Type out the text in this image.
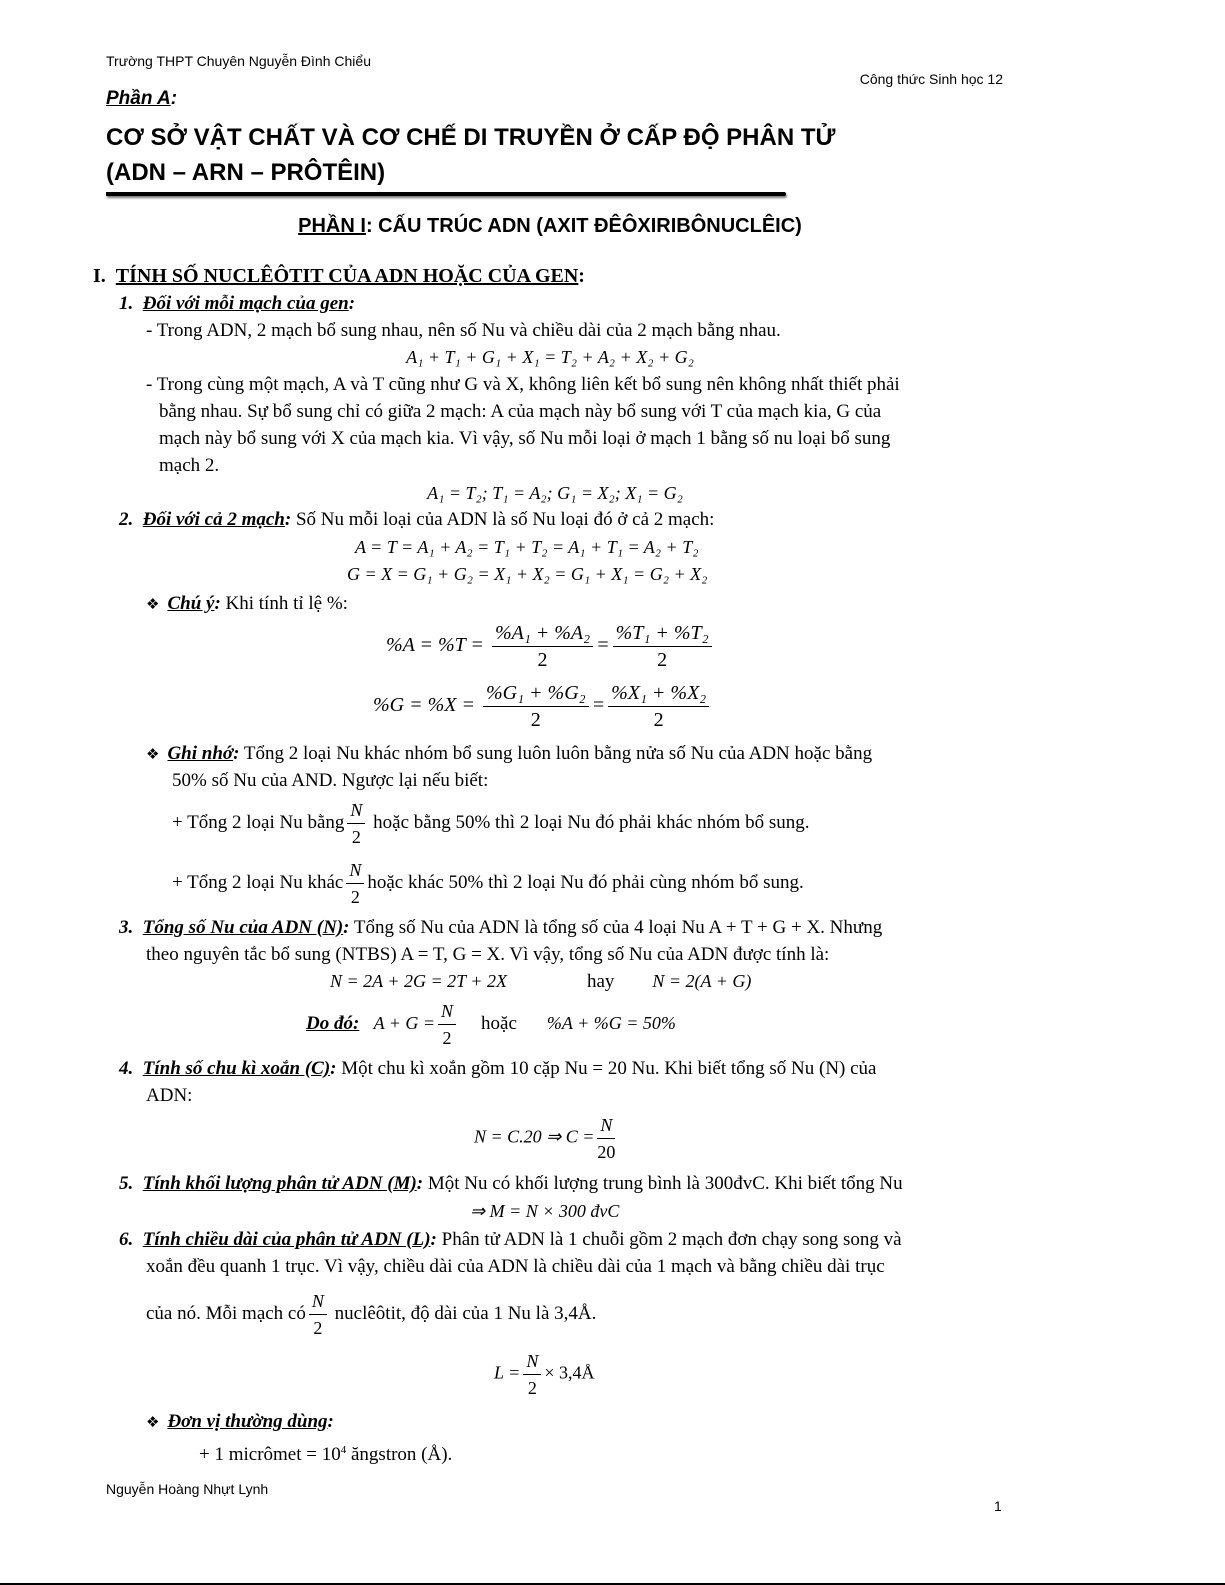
Trường THPT Chuyên Nguyễn Đình Chiểu
Công thức Sinh học 12
Phần A:
CƠ SỞ VẬT CHẤT VÀ CƠ CHẾ DI TRUYỀN Ở CẤP ĐỘ PHÂN TỬ
(ADN – ARN – PRÔTÊIN)
PHẦN I: CẤU TRÚC ADN (AXIT ĐÊÔXIRIBÔNUCLÊIC)
I. TÍNH SỐ NUCLÊÔTIT CỦA ADN HOẶC CỦA GEN:
1. Đối với mỗi mạch của gen:
- Trong ADN, 2 mạch bổ sung nhau, nên số Nu và chiều dài của 2 mạch bằng nhau.
A₁ + T₁ + G₁ + X₁ = T₂ + A₂ + X₂ + G₂
- Trong cùng một mạch, A và T cũng như G và X, không liên kết bổ sung nên không nhất thiết phải
bằng nhau. Sự bổ sung chỉ có giữa 2 mạch: A của mạch này bổ sung với T của mạch kia, G của
mạch này bổ sung với X của mạch kia. Vì vậy, số Nu mỗi loại ở mạch 1 bằng số nu loại bổ sung
mạch 2.
A₁ = T₂; T₁ = A₂; G₁ = X₂; X₁ = G₂
2. Đối với cả 2 mạch: Số Nu mỗi loại của ADN là số Nu loại đó ở cả 2 mạch:
A = T = A₁ + A₂ = T₁ + T₂ = A₁ + T₁ = A₂ + T₂
G = X = G₁ + G₂ = X₁ + X₂ = G₁ + X₁ = G₂ + X₂
❖ Chú ý: Khi tính tỉ lệ %:
$\%A = \%T = \frac{\text{\%A₁ + \%A₂}}{2} = \frac{\text{\%T₁ + \%T₂}}{2}$
$\%G = \%X = \frac{\text{\%G₁ + \%G₂}}{2} = \frac{\text{\%X₁ + \%X₂}}{2}$
❖ Ghi nhớ: Tổng 2 loại Nu khác nhóm bổ sung luôn luôn bằng nửa số Nu của ADN hoặc bằng
50% số Nu của AND. Ngược lại nếu biết:
+ Tổng 2 loại Nu bằng $\frac{N}{2}$ hoặc bằng 50% thì 2 loại Nu đó phải khác nhóm bổ sung.
+ Tổng 2 loại Nu khác $\frac{N}{2}$ hoặc khác 50% thì 2 loại Nu đó phải cùng nhóm bổ sung.
3. Tổng số Nu của ADN (N): Tổng số Nu của ADN là tổng số của 4 loại Nu A + T + G + X. Nhưng
theo nguyên tắc bổ sung (NTBS) A = T, G = X. Vì vậy, tổng số Nu của ADN được tính là:
N = 2A + 2G = 2T + 2X	hay N = 2(A + G)
Do đó: $A + G = \frac{N}{2}$ hoặc %A + %G = 50%
4. Tính số chu kì xoắn (C): Một chu kì xoắn gồm 10 cặp Nu = 20 Nu. Khi biết tổng số Nu (N) của
ADN:
N = C.20 ⇒ $C = \frac{N}{20}$
5. Tính khối lượng phân tử ADN (M): Một Nu có khối lượng trung bình là 300đvC. Khi biết tổng Nu
⇒ M = N × 300 đvC
6. Tính chiều dài của phân tử ADN (L): Phân tử ADN là 1 chuỗi gồm 2 mạch đơn chạy song song và
xoắn đều quanh 1 trục. Vì vậy, chiều dài của ADN là chiều dài của 1 mạch và bằng chiều dài trục
của nó. Mỗi mạch có $\frac{N}{2}$ nuclêôtit, độ dài của 1 Nu là 3,4Å.
$L = \frac{N}{2}$ × 3,4Å
❖ Đơn vị thường dùng:
+ 1 micrômet = $10^4$ ăngstron (Å).
Nguyễn Hoàng Nhựt Lynh
1
